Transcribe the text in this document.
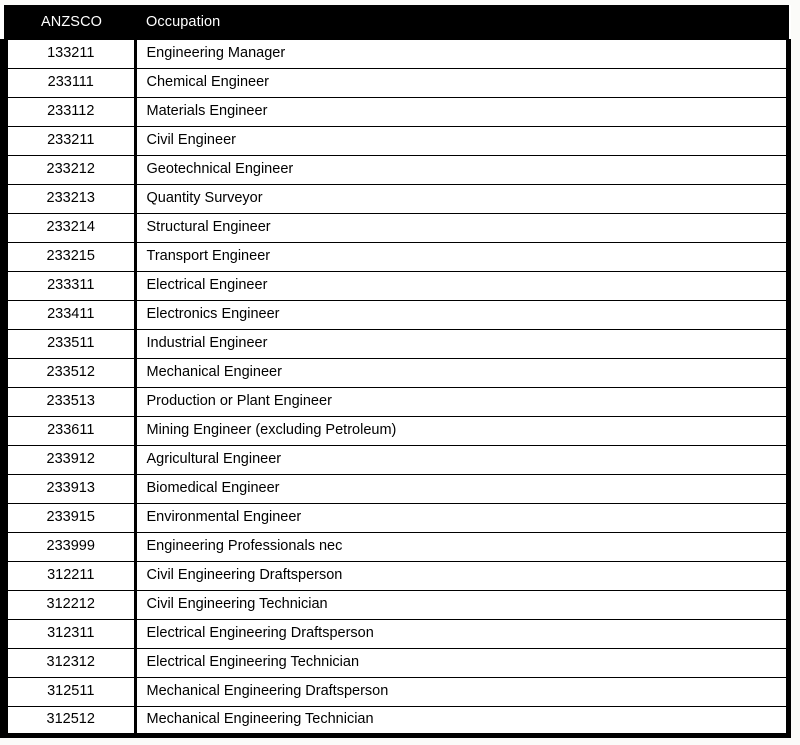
ANZSCO	Occupation
133211	Engineering Manager
233111	Chemical Engineer
233112	Materials Engineer
233211	Civil Engineer
233212	Geotechnical Engineer
233213	Quantity Surveyor
233214	Structural Engineer
233215	Transport Engineer
233311	Electrical Engineer
233411	Electronics Engineer
233511	Industrial Engineer
233512	Mechanical Engineer
233513	Production or Plant Engineer
233611	Mining Engineer (excluding Petroleum)
233912	Agricultural Engineer
233913	Biomedical Engineer
233915	Environmental Engineer
233999	Engineering Professionals nec
312211	Civil Engineering Draftsperson
312212	Civil Engineering Technician
312311	Electrical Engineering Draftsperson
312312	Electrical Engineering Technician
312511	Mechanical Engineering Draftsperson
312512	Mechanical Engineering Technician
